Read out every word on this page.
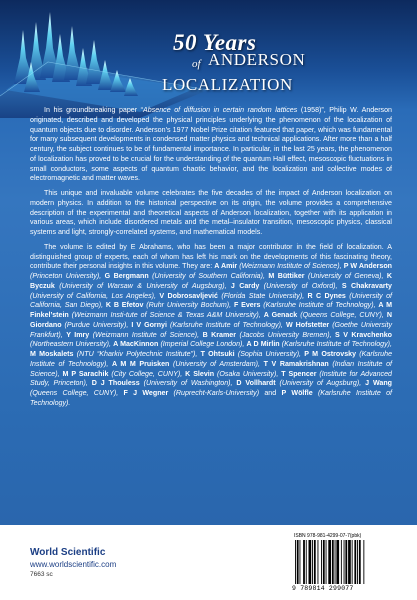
50 Years
of ANDERSON
LOCALIZATION

In his groundbreaking paper “Absence of diffusion in certain random lattices (1958)”, Philip W. Anderson originated, described and developed the physical principles underlying the phenomenon of the localization of quantum objects due to disorder. Anderson’s 1977 Nobel Prize citation featured that paper, which was fundamental for many subsequent developments in condensed matter physics and technical applications. After more than a half century, the subject continues to be of fundamental importance. In particular, in the last 25 years, the phenomenon of localization has proved to be crucial for the understanding of the quantum Hall effect, mesoscopic fluctuations in small conductors, some aspects of quantum chaotic behavior, and the localization and collective modes of electromagnetic and matter waves.

This unique and invaluable volume celebrates the five decades of the impact of Anderson localization on modern physics. In addition to the historical perspective on its origin, the volume provides a comprehensive description of the experimental and theoretical aspects of Anderson localization, together with its application in various areas, which include disordered metals and the metal–insulator transition, mesoscopic physics, classical systems and light, strongly-correlated systems, and mathematical models.

The volume is edited by E Abrahams, who has been a major contributor in the field of localization. A distinguished group of experts, each of whom has left his mark on the developments of this fascinating theory, contribute their personal insights in this volume. They are: A Amir (Weizmann Institute of Science), P W Anderson (Princeton University), G Bergmann (University of Southern California), M Büttiker (University of Geneva), K Byczuk (University of Warsaw & University of Augsburg), J Cardy (University of Oxford), S Chakravarty (University of California, Los Angeles), V Dobrosavljević (Florida State University), R C Dynes (University of California, San Diego), K B Efetov (Ruhr University Bochum), F Evers (Karlsruhe Institute of Technology), A M Finkel’stein (Weizmann Insti-tute of Science & Texas A&M University), A Genack (Queens College, CUNY), N Giordano (Purdue University), I V Gornyi (Karlsruhe Institute of Technology), W Hofstetter (Goethe University Frankfurt), Y Imry (Weizmann Institute of Science), B Kramer (Jacobs University Bremen), S V Kravchenko (Northeastern University), A MacKinnon (Imperial College London), A D Mirlin (Karlsruhe Institute of Technology), M Moskalets (NTU “Kharkiv Polytechnic Institute”), T Ohtsuki (Sophia University), P M Ostrovsky (Karlsruhe Institute of Technology), A M M Pruisken (University of Amsterdam), T V Ramakrishnan (Indian Institute of Science), M P Sarachik (City College, CUNY), K Slevin (Osaka University), T Spencer (Institute for Advanced Study, Princeton), D J Thouless (University of Washington), D Vollhardt (University of Augsburg), J Wang (Queens College, CUNY), F J Wegner (Ruprecht-Karls-University) and P Wölfle (Karlsruhe Institute of Technology).

World Scientific
www.worldscientific.com
7663 sc
ISBN 978-981-4299-07-7(pbk)
9 789814 299077
